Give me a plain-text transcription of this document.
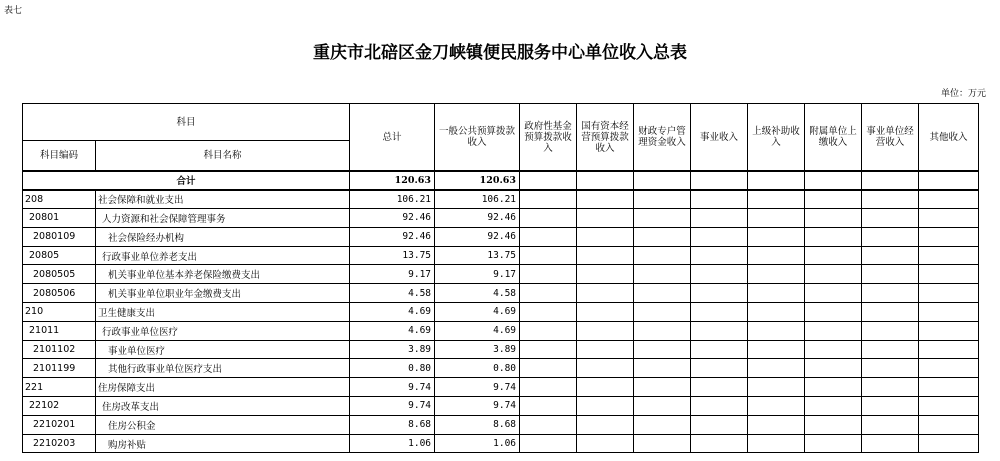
表七
重庆市北碚区金刀峡镇便民服务中心单位收入总表
单位：万元
科目		总计	一般公共预算拨款收入	政府性基金预算拨款收入	国有资本经营预算拨款收入	财政专户管理资金收入	事业收入	上级补助收入	附属单位上缴收入	事业单位经营收入	其他收入
科目编码	科目名称										
合计		120.63	120.63								
208	社会保障和就业支出	106.21	106.21								
20801	人力资源和社会保障管理事务	92.46	92.46								
2080109	社会保险经办机构	92.46	92.46								
20805	行政事业单位养老支出	13.75	13.75								
2080505	机关事业单位基本养老保险缴费支出	9.17	9.17								
2080506	机关事业单位职业年金缴费支出	4.58	4.58								
210	卫生健康支出	4.69	4.69								
21011	行政事业单位医疗	4.69	4.69								
2101102	事业单位医疗	3.89	3.89								
2101199	其他行政事业单位医疗支出	0.80	0.80								
221	住房保障支出	9.74	9.74								
22102	住房改革支出	9.74	9.74								
2210201	住房公积金	8.68	8.68								
2210203	购房补贴	1.06	1.06								
